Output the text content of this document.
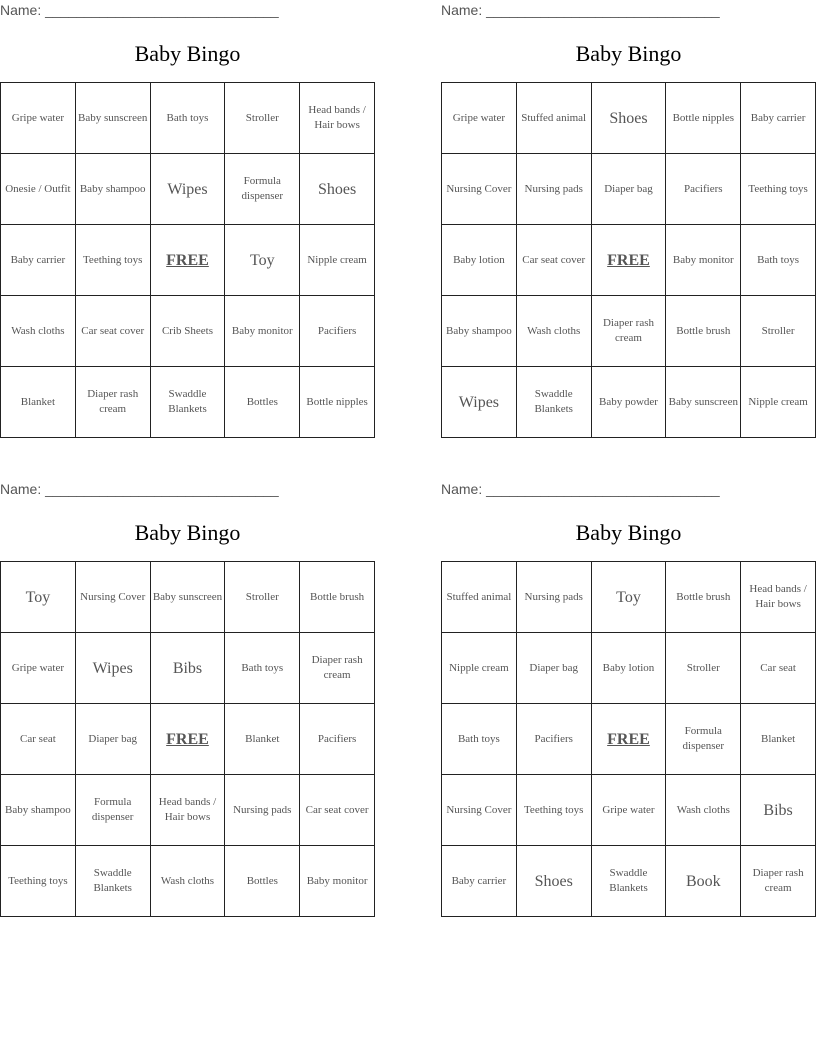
Name: ______________________________
Baby Bingo
Gripe water	Baby sunscreen	Bath toys	Stroller	Head bands / Hair bows
Onesie / Outfit	Baby shampoo	Wipes	Formula dispenser	Shoes
Baby carrier	Teething toys	FREE	Toy	Nipple cream
Wash cloths	Car seat cover	Crib Sheets	Baby monitor	Pacifiers
Blanket	Diaper rash cream	Swaddle Blankets	Bottles	Bottle nipples
Name: ______________________________
Baby Bingo
Gripe water	Stuffed animal	Shoes	Bottle nipples	Baby carrier
Nursing Cover	Nursing pads	Diaper bag	Pacifiers	Teething toys
Baby lotion	Car seat cover	FREE	Baby monitor	Bath toys
Baby shampoo	Wash cloths	Diaper rash cream	Bottle brush	Stroller
Wipes	Swaddle Blankets	Baby powder	Baby sunscreen	Nipple cream
Name: ______________________________
Baby Bingo
Toy	Nursing Cover	Baby sunscreen	Stroller	Bottle brush
Gripe water	Wipes	Bibs	Bath toys	Diaper rash cream
Car seat	Diaper bag	FREE	Blanket	Pacifiers
Baby shampoo	Formula dispenser	Head bands / Hair bows	Nursing pads	Car seat cover
Teething toys	Swaddle Blankets	Wash cloths	Bottles	Baby monitor
Name: ______________________________
Baby Bingo
Stuffed animal	Nursing pads	Toy	Bottle brush	Head bands / Hair bows
Nipple cream	Diaper bag	Baby lotion	Stroller	Car seat
Bath toys	Pacifiers	FREE	Formula dispenser	Blanket
Nursing Cover	Teething toys	Gripe water	Wash cloths	Bibs
Baby carrier	Shoes	Swaddle Blankets	Book	Diaper rash cream
